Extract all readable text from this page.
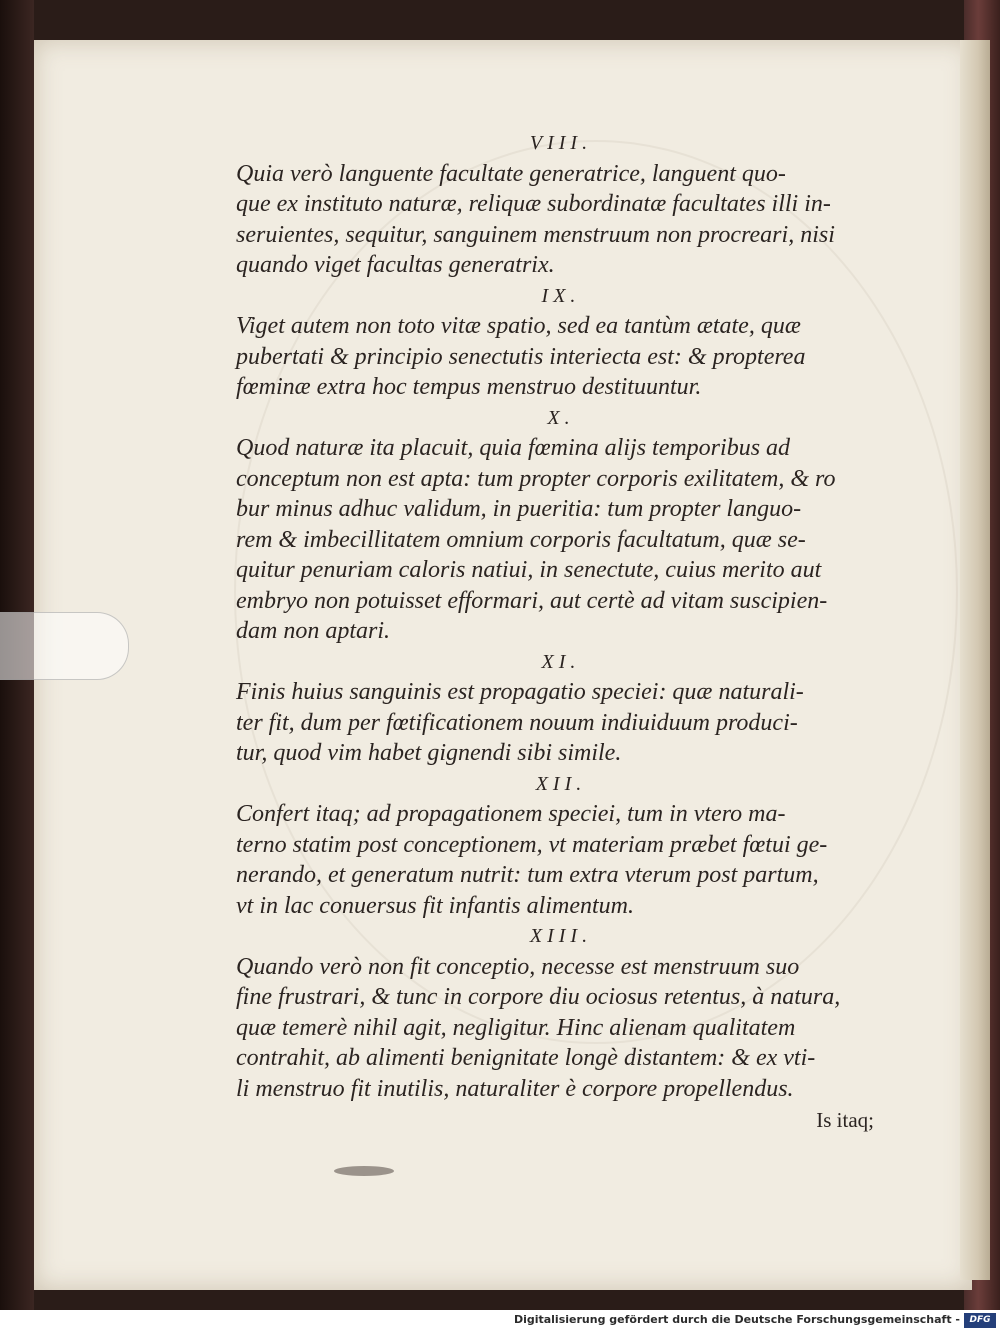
VIII.

Quia verò languente facultate generatrice, languent quo-
que ex instituto naturæ, reliquæ subordinatæ facultates illi in-
seruientes, sequitur, sanguinem menstruum non procreari, nisi
quando viget facultas generatrix.

IX.

Viget autem non toto vitæ spatio, sed ea tantùm ætate, quæ
pubertati & principio senectutis interiecta est: & propterea
fœminæ extra hoc tempus menstruo destituuntur.

X.

Quod naturæ ita placuit, quia fœmina alijs temporibus ad
conceptum non est apta: tum propter corporis exilitatem, & ro
bur minus adhuc validum, in pueritia: tum propter languo-
rem & imbecillitatem omnium corporis facultatum, quæ se-
quitur penuriam caloris natiui, in senectute, cuius merito aut
embryo non potuisset efformari, aut certè ad vitam suscipien-
dam non aptari.

XI.

Finis huius sanguinis est propagatio speciei: quæ naturali-
ter fit, dum per fœtificationem nouum indiuiduum produci-
tur, quod vim habet gignendi sibi simile.

XII.

Confert itaq; ad propagationem speciei, tum in vtero ma-
terno statim post conceptionem, vt materiam præbet fœtui ge-
nerando, et generatum nutrit: tum extra vterum post partum,
vt in lac conuersus fit infantis alimentum.

XIII.

Quando verò non fit conceptio, necesse est menstruum suo
fine frustrari, & tunc in corpore diu ociosus retentus, à natura,
quæ temerè nihil agit, negligitur. Hinc alienam qualitatem
contrahit, ab alimenti benignitate longè distantem: & ex vti-
li menstruo fit inutilis, naturaliter è corpore propellendus.

Is itaq;
Digitalisierung gefördert durch die Deutsche Forschungsgemeinschaft -	DFG
